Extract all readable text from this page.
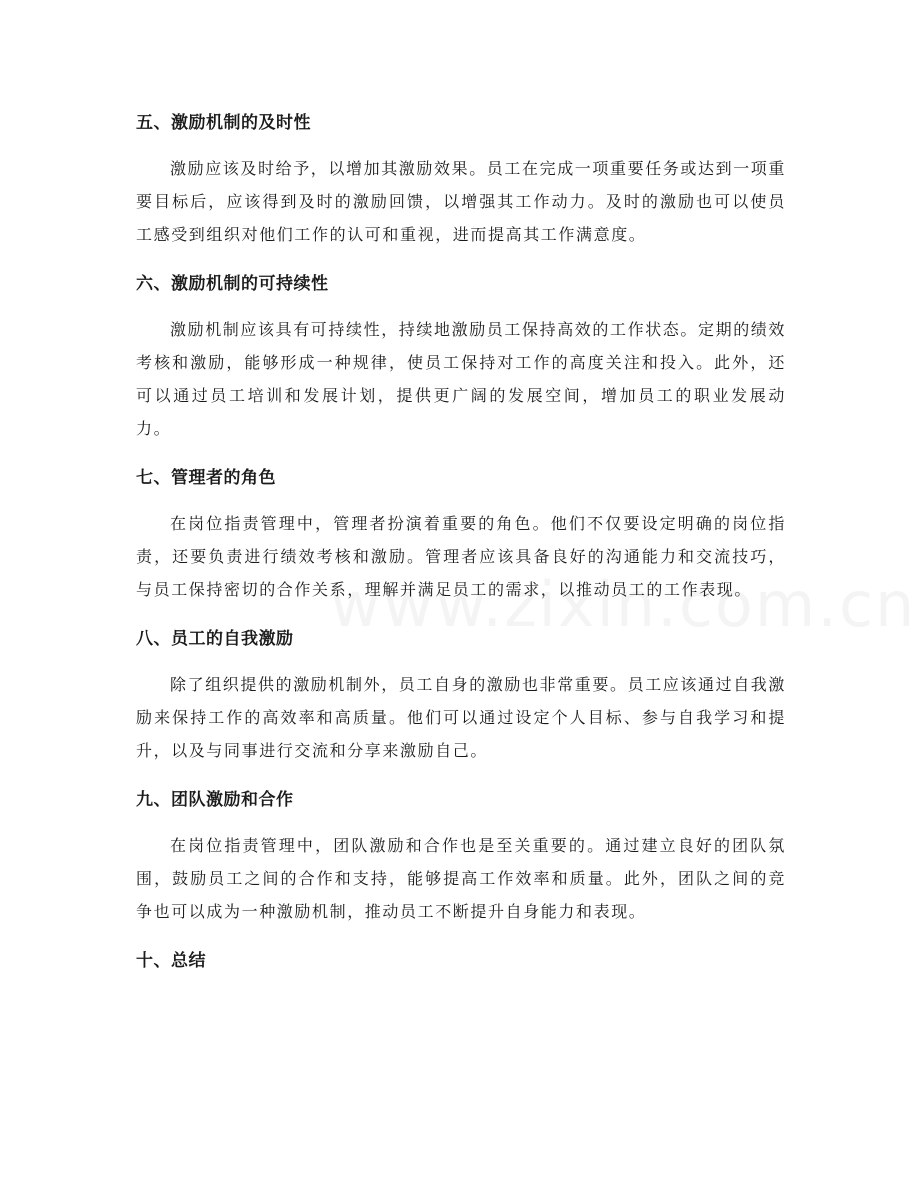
五、激励机制的及时性

激励应该及时给予，以增加其激励效果。员工在完成一项重要任务或达到一项重要目标后，应该得到及时的激励回馈，以增强其工作动力。及时的激励也可以使员工感受到组织对他们工作的认可和重视，进而提高其工作满意度。

六、激励机制的可持续性

激励机制应该具有可持续性，持续地激励员工保持高效的工作状态。定期的绩效考核和激励，能够形成一种规律，使员工保持对工作的高度关注和投入。此外，还可以通过员工培训和发展计划，提供更广阔的发展空间，增加员工的职业发展动力。

七、管理者的角色

在岗位指责管理中，管理者扮演着重要的角色。他们不仅要设定明确的岗位指责，还要负责进行绩效考核和激励。管理者应该具备良好的沟通能力和交流技巧，与员工保持密切的合作关系，理解并满足员工的需求，以推动员工的工作表现。

八、员工的自我激励

除了组织提供的激励机制外，员工自身的激励也非常重要。员工应该通过自我激励来保持工作的高效率和高质量。他们可以通过设定个人目标、参与自我学习和提升，以及与同事进行交流和分享来激励自己。

九、团队激励和合作

在岗位指责管理中，团队激励和合作也是至关重要的。通过建立良好的团队氛围，鼓励员工之间的合作和支持，能够提高工作效率和质量。此外，团队之间的竞争也可以成为一种激励机制，推动员工不断提升自身能力和表现。

十、总结
